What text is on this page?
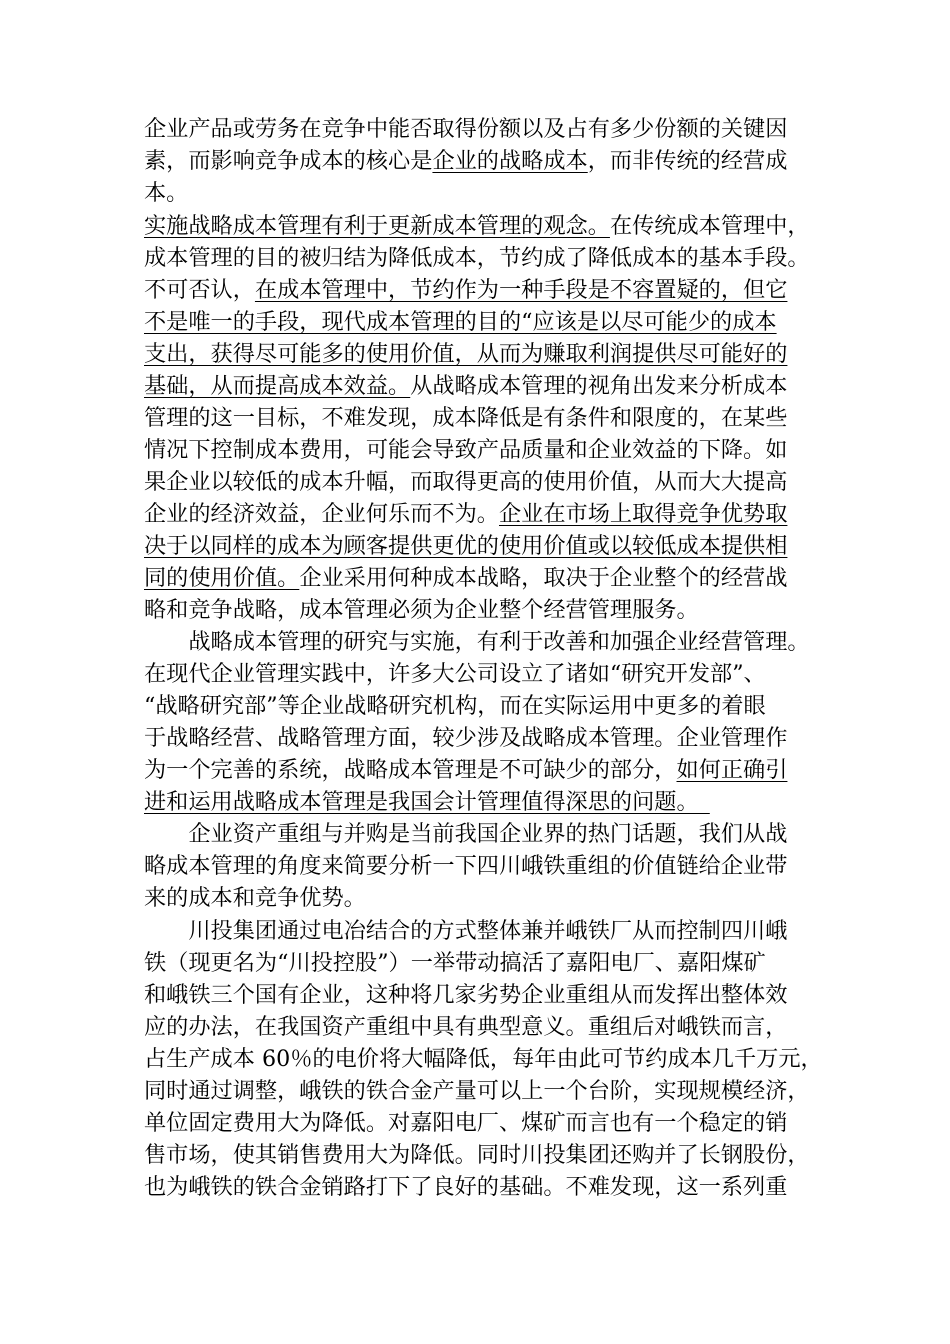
企业产品或劳务在竞争中能否取得份额以及占有多少份额的关键因
素，而影响竞争成本的核心是企业的战略成本，而非传统的经营成
本。
实施战略成本管理有利于更新成本管理的观念。在传统成本管理中，
成本管理的目的被归结为降低成本，节约成了降低成本的基本手段。
不可否认，在成本管理中，节约作为一种手段是不容置疑的，但它
不是唯一的手段，现代成本管理的目的“应该是以尽可能少的成本
支出，获得尽可能多的使用价值，从而为赚取利润提供尽可能好的
基础，从而提高成本效益。从战略成本管理的视角出发来分析成本
管理的这一目标，不难发现，成本降低是有条件和限度的，在某些
情况下控制成本费用，可能会导致产品质量和企业效益的下降。如
果企业以较低的成本升幅，而取得更高的使用价值，从而大大提高
企业的经济效益，企业何乐而不为。企业在市场上取得竞争优势取
决于以同样的成本为顾客提供更优的使用价值或以较低成本提供相
同的使用价值。企业采用何种成本战略，取决于企业整个的经营战
略和竞争战略，成本管理必须为企业整个经营管理服务。
　　战略成本管理的研究与实施，有利于改善和加强企业经营管理。
在现代企业管理实践中，许多大公司设立了诸如“研究开发部”、
“战略研究部”等企业战略研究机构，而在实际运用中更多的着眼
于战略经营、战略管理方面，较少涉及战略成本管理。企业管理作
为一个完善的系统，战略成本管理是不可缺少的部分，如何正确引
进和运用战略成本管理是我国会计管理值得深思的问题。　
　　企业资产重组与并购是当前我国企业界的热门话题，我们从战
略成本管理的角度来简要分析一下四川峨铁重组的价值链给企业带
来的成本和竞争优势。
　　川投集团通过电冶结合的方式整体兼并峨铁厂从而控制四川峨
铁（现更名为“川投控股”）一举带动搞活了嘉阳电厂、嘉阳煤矿
和峨铁三个国有企业，这种将几家劣势企业重组从而发挥出整体效
应的办法，在我国资产重组中具有典型意义。重组后对峨铁而言，
占生产成本 60％的电价将大幅降低，每年由此可节约成本几千万元，
同时通过调整，峨铁的铁合金产量可以上一个台阶，实现规模经济，
单位固定费用大为降低。对嘉阳电厂、煤矿而言也有一个稳定的销
售市场，使其销售费用大为降低。同时川投集团还购并了长钢股份，
也为峨铁的铁合金销路打下了良好的基础。不难发现，这一系列重
